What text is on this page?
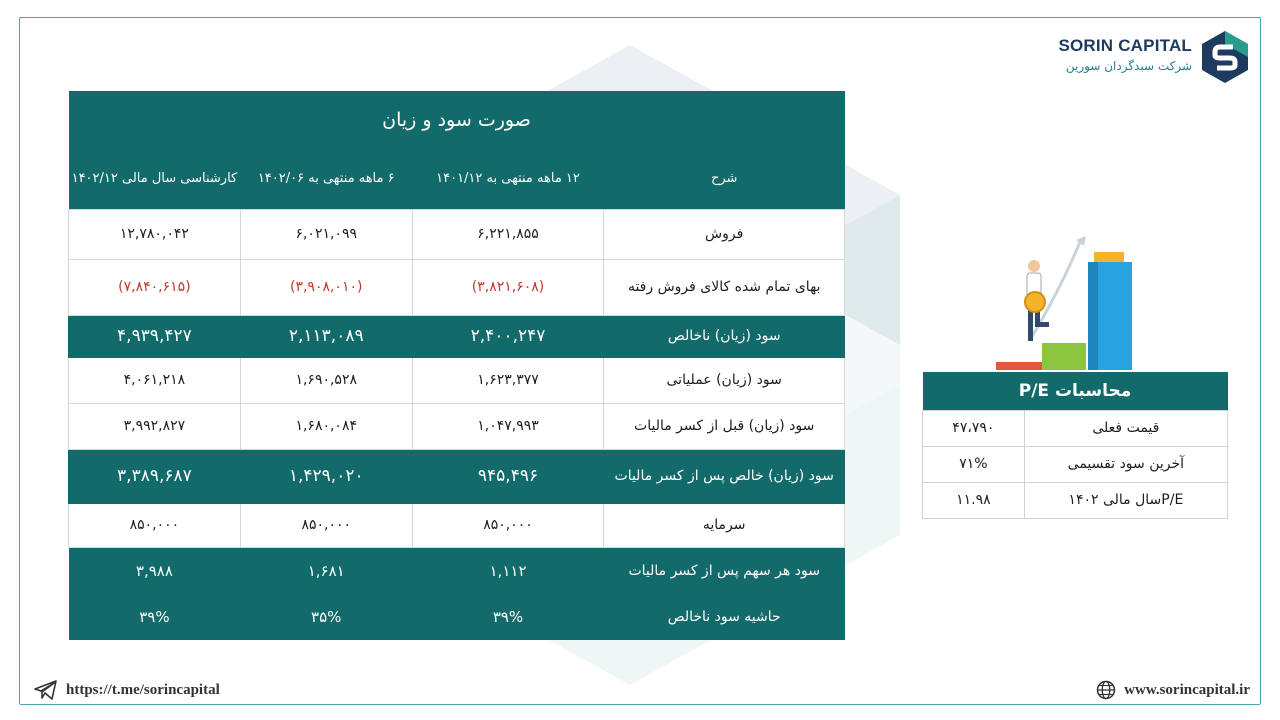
SORIN CAPITAL
شرکت سبدگردان سورین
صورت سود و زیان			
شرح	۱۲ ماهه منتهی به ۱۴۰۱/۱۲	۶ ماهه منتهی به ۱۴۰۲/۰۶	کارشناسی سال مالی ۱۴۰۲/۱۲
فروش	۶,۲۲۱,۸۵۵	۶,۰۲۱,۰۹۹	۱۲,۷۸۰,۰۴۲
بهای تمام شده کالای فروش رفته	(۳,۸۲۱,۶۰۸)	(۳,۹۰۸,۰۱۰)	(۷,۸۴۰,۶۱۵)
سود (زیان) ناخالص	۲,۴۰۰,۲۴۷	۲,۱۱۳,۰۸۹	۴,۹۳۹,۴۲۷
سود (زیان) عملیاتی	۱,۶۲۳,۳۷۷	۱,۶۹۰,۵۲۸	۴,۰۶۱,۲۱۸
سود (زیان) قبل از کسر مالیات	۱,۰۴۷,۹۹۳	۱,۶۸۰,۰۸۴	۳,۹۹۲,۸۲۷
سود (زیان) خالص پس از کسر مالیات	۹۴۵,۴۹۶	۱,۴۲۹,۰۲۰	۳,۳۸۹,۶۸۷
سرمایه	۸۵۰,۰۰۰	۸۵۰,۰۰۰	۸۵۰,۰۰۰
سود هر سهم پس از کسر مالیات	۱,۱۱۲	۱,۶۸۱	۳,۹۸۸
حاشیه سود ناخالص	۳۹%	۳۵%	۳۹%
محاسبات P/E	
قیمت فعلی	۴۷،۷۹۰
آخرین سود تقسیمی	۷۱%
P/Eسال مالی ۱۴۰۲	۱۱.۹۸
https://t.me/sorincapital	www.sorincapital.ir
